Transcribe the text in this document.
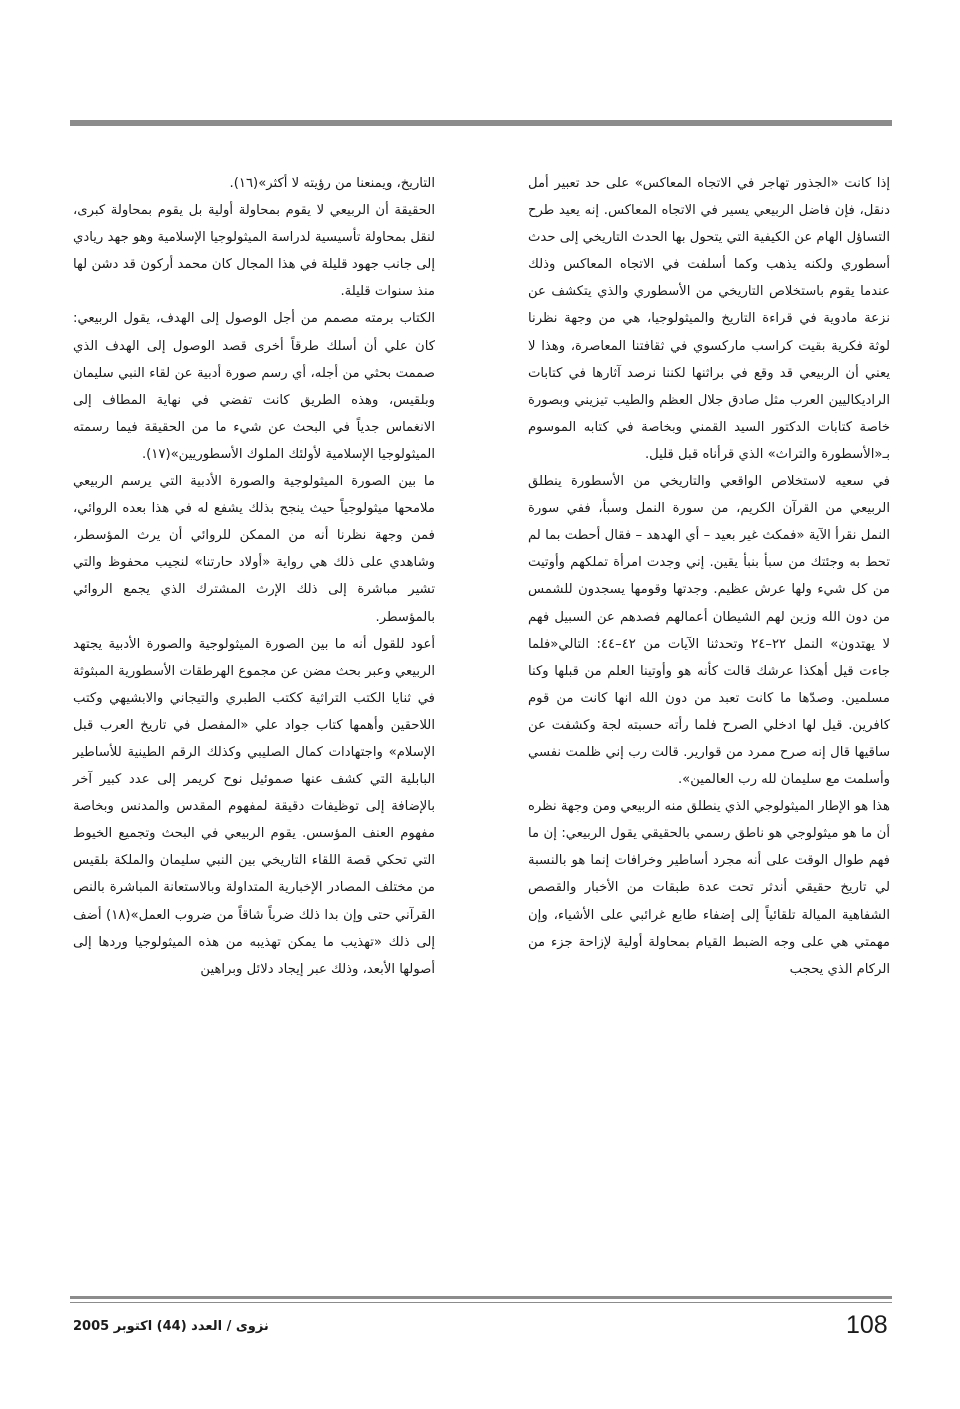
إذا كانت «الجذور تهاجر في الاتجاه المعاكس» على حد تعبير أمل دنقل، فإن فاضل الربيعي يسير في الاتجاه المعاكس. إنه يعيد طرح التساؤل الهام عن الكيفية التي يتحول بها الحدث التاريخي إلى حدث أسطوري ولكنه يذهب وكما أسلفت في الاتجاه المعاكس وذلك عندما يقوم باستخلاص التاريخي من الأسطوري والذي يتكشف عن نزعة مادوية في قراءة التاريخ والميثولوجيا، هي من وجهة نظرنا لوثة فكرية بقيت كراسب ماركسوي في ثقافتنا المعاصرة، وهذا لا يعني أن الربيعي قد وقع في براثنها لكننا نرصد آثارها في كتابات الراديكاليين العرب مثل صادق جلال العظم والطيب تيزيني وبصورة خاصة كتابات الدكتور السيد القمني وبخاصة في كتابه الموسوم بـ«الأسطورة والتراث» الذي قرأناه قبل قليل.

في سعيه لاستخلاص الواقعي والتاريخي من الأسطورة ينطلق الربيعي من القرآن الكريم، من سورة النمل وسبأ، ففي سورة النمل نقرأ الآية «فمكث غير بعيد – أي الهدهد – فقال أحطت بما لم تحط به وجئتك من سبأ بنبأ يقين. إني وجدت امرأة تملكهم وأوتيت من كل شيء ولها عرش عظيم. وجدتها وقومها يسجدون للشمس من دون الله وزين لهم الشيطان أعمالهم فصدهم عن السبيل فهم لا يهتدون» النمل ٢٢–٢٤ وتحدثنا الآيات من ٤٢–٤٤: التالي«فلما جاءت قيل أهكذا عرشك قالت كأنه هو وأوتينا العلم من قبلها وكنا مسلمين. وصدّها ما كانت تعبد من دون الله انها كانت من قوم كافرين. قيل لها ادخلي الصرح فلما رأته حسبته لجة وكشفت عن ساقيها قال إنه صرح ممرد من قوارير. قالت رب إني ظلمت نفسي وأسلمت مع سليمان لله رب العالمين».

هذا هو الإطار الميثولوجي الذي ينطلق منه الربيعي ومن وجهة نظره أن ما هو ميثولوجي هو ناطق رسمي بالحقيقي يقول الربيعي: إن ما فهم طوال الوقت على أنه مجرد أساطير وخرافات إنما هو بالنسبة لي تاريخ حقيقي أندثر تحت عدة طبقات من الأخبار والقصص الشفاهية الميالة تلقائياً إلى إضفاء طابع غرائبي على الأشياء، وإن مهمتي هي على وجه الضبط القيام بمحاولة أولية لإزاحة جزء من الركام الذي يحجب

التاريخ، ويمنعنا من رؤيته لا أكثر»(١٦).

الحقيقة أن الربيعي لا يقوم بمحاولة أولية بل يقوم بمحاولة كبرى، لنقل بمحاولة تأسيسية لدراسة الميثولوجيا الإسلامية وهو جهد ريادي إلى جانب جهود قليلة في هذا المجال كان محمد أركون قد دشن لها منذ سنوات قليلة.

الكتاب برمته مصمم من أجل الوصول إلى الهدف، يقول الربيعي: كان علي أن أسلك طرقاً أخرى قصد الوصول إلى الهدف الذي صممت بحثي من أجله، أي رسم صورة أدبية عن لقاء النبي سليمان وبلقيس، وهذه الطريق كانت تفضي في نهاية المطاف إلى الانغماس جدياً في البحث عن شيء ما من الحقيقة فيما رسمته الميثولوجيا الإسلامية لأولئك الملوك الأسطوريين»(١٧).

ما بين الصورة الميثولوجية والصورة الأدبية التي يرسم الربيعي ملامحها ميثولوجياً حيث ينجح بذلك يشفع له في هذا بعده الروائي، فمن وجهة نظرنا أنه من الممكن للروائي أن يرث المؤسطر، وشاهدي على ذلك هي رواية «أولاد حارتنا» لنجيب محفوظ والتي تشير مباشرة إلى ذلك الإرث المشترك الذي يجمع الروائي بالمؤسطر.

أعود للقول أنه ما بين الصورة الميثولوجية والصورة الأدبية يجتهد الربيعي وعبر بحث مضن عن مجموع الهرطقات الأسطورية المبثوثة في ثنايا الكتب التراثية ككتب الطبري والتيجاني والابشيهي وكتب اللاحقين وأهمها كتاب جواد علي «المفصل في تاريخ العرب قبل الإسلام» واجتهادات كمال الصليبي وكذلك الرقم الطينية للأساطير البابلية التي كشف عنها صموئيل نوح كريمر إلى عدد كبير آخر بالإضافة إلى توظيفات دقيقة لمفهوم المقدس والمدنس وبخاصة مفهوم العنف المؤسس. يقوم الربيعي في البحث وتجميع الخيوط التي تحكي قصة اللقاء التاريخي بين النبي سليمان والملكة بلقيس من مختلف المصادر الإخبارية المتداولة وبالاستعانة المباشرة بالنص القرآني حتى وإن بدا ذلك ضرباً شاقاً من ضروب العمل»(١٨) أضف إلى ذلك «تهذيب ما يمكن تهذيبه من هذه الميثولوجيا وردها إلى أصولها الأبعد، وذلك عبر إيجاد دلائل وبراهين

108
نزوى / العدد (44) اكتوبر 2005
